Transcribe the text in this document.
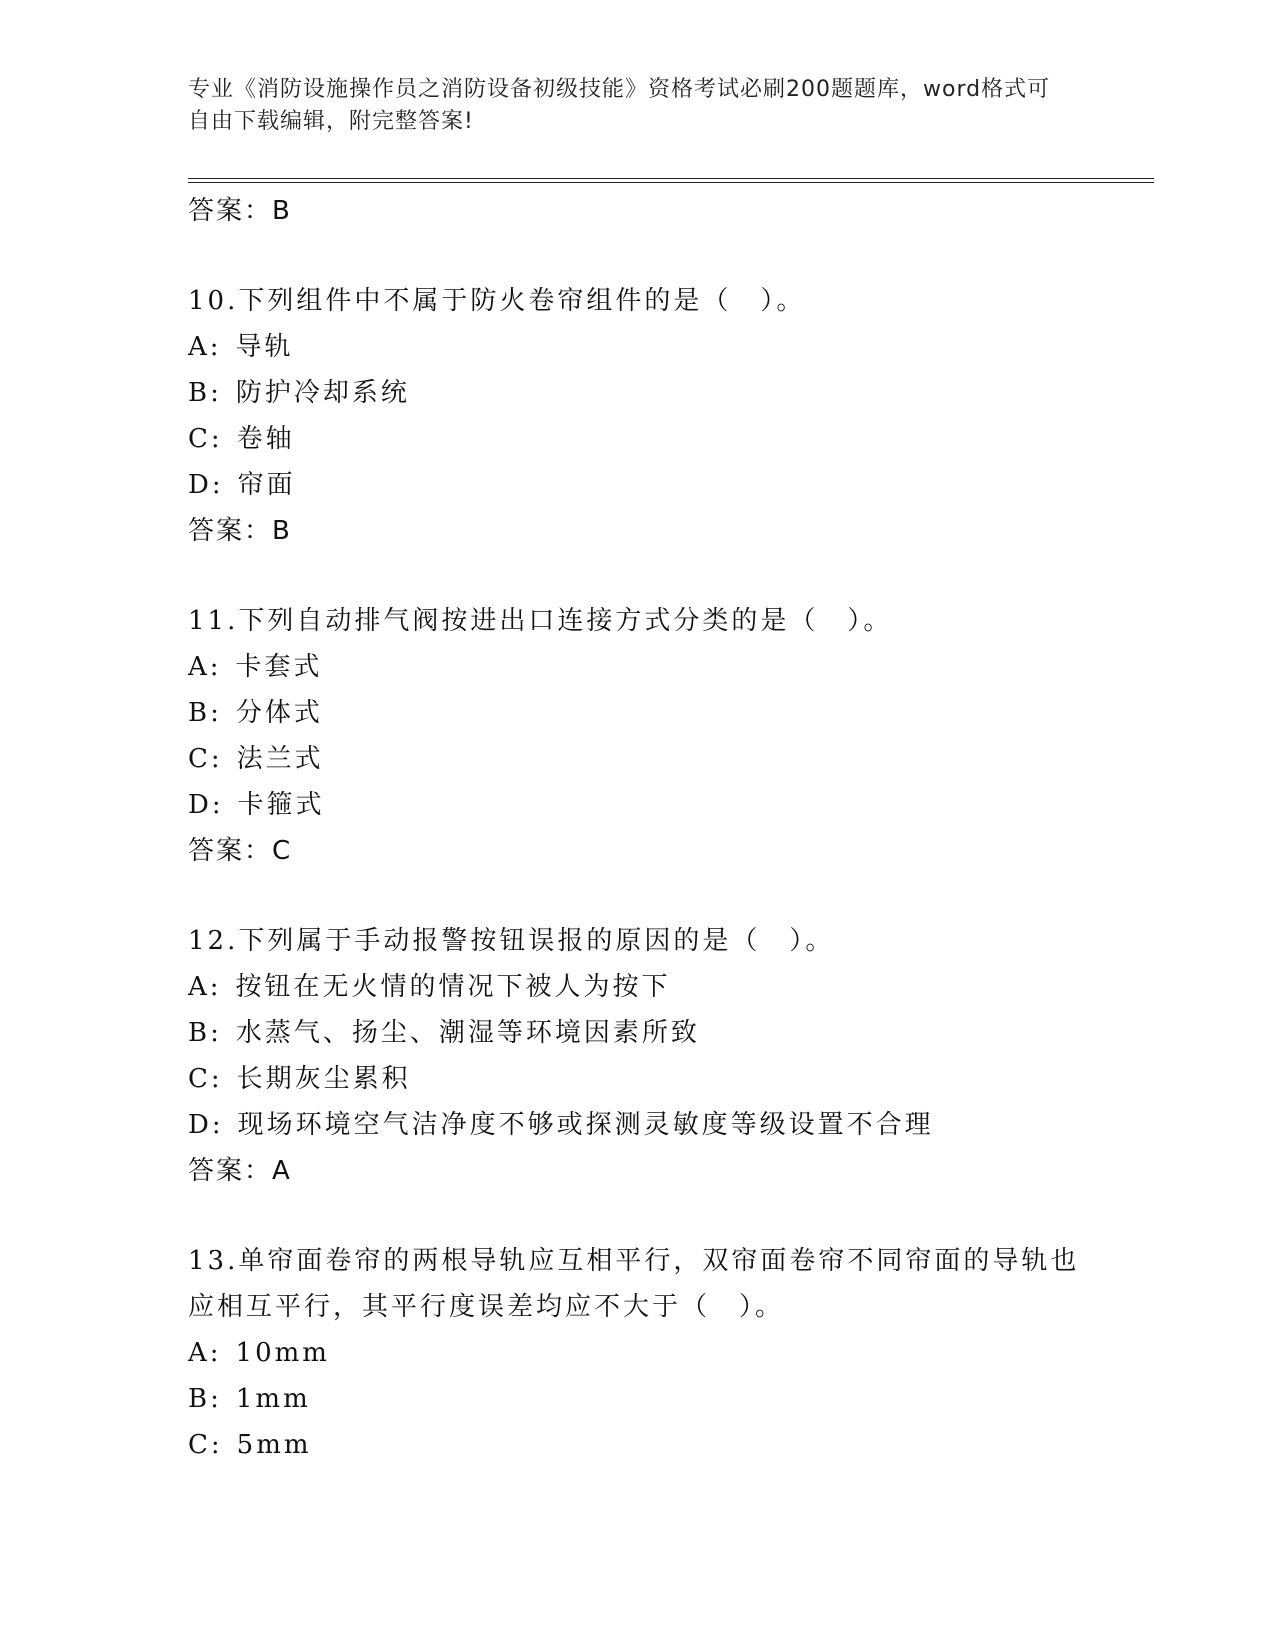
专业《消防设施操作员之消防设备初级技能》资格考试必刷200题题库，word格式可自由下载编辑，附完整答案!
答案：B
10.下列组件中不属于防火卷帘组件的是（　）。
A: 导轨
B: 防护冷却系统
C: 卷轴
D: 帘面
答案：B
11.下列自动排气阀按进出口连接方式分类的是（　）。
A: 卡套式
B: 分体式
C: 法兰式
D: 卡箍式
答案：C
12.下列属于手动报警按钮误报的原因的是（　）。
A: 按钮在无火情的情况下被人为按下
B: 水蒸气、扬尘、潮湿等环境因素所致
C: 长期灰尘累积
D: 现场环境空气洁净度不够或探测灵敏度等级设置不合理
答案：A
13.单帘面卷帘的两根导轨应互相平行，双帘面卷帘不同帘面的导轨也应相互平行，其平行度误差均应不大于（　）。
A: 10mm
B: 1mm
C: 5mm
